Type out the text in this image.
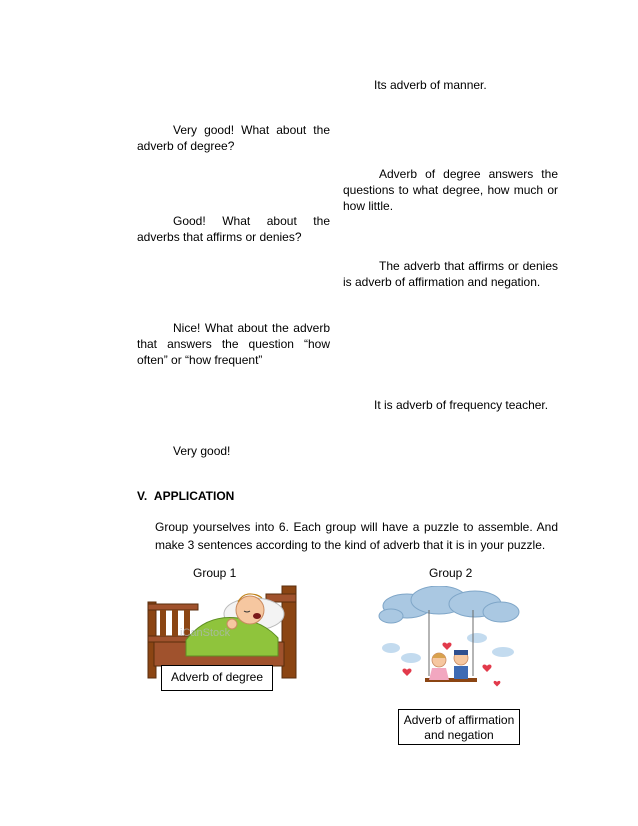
Its adverb of manner.
Very good! What about the adverb of degree?
Adverb of degree answers the questions to what degree, how much or how little.
Good! What about the adverbs that affirms or denies?
The adverb that affirms or denies is adverb of affirmation and negation.
Nice! What about the adverb that answers the question “how often” or “how frequent”
It is adverb of frequency teacher.
Very good!
V.  APPLICATION
Group yourselves into 6. Each group will have a puzzle to assemble. And make 3 sentences according to the kind of adverb that it is in your puzzle.
Group 1	Group 2
iCanStock
Adverb of degree
Adverb of affirmation and negation
